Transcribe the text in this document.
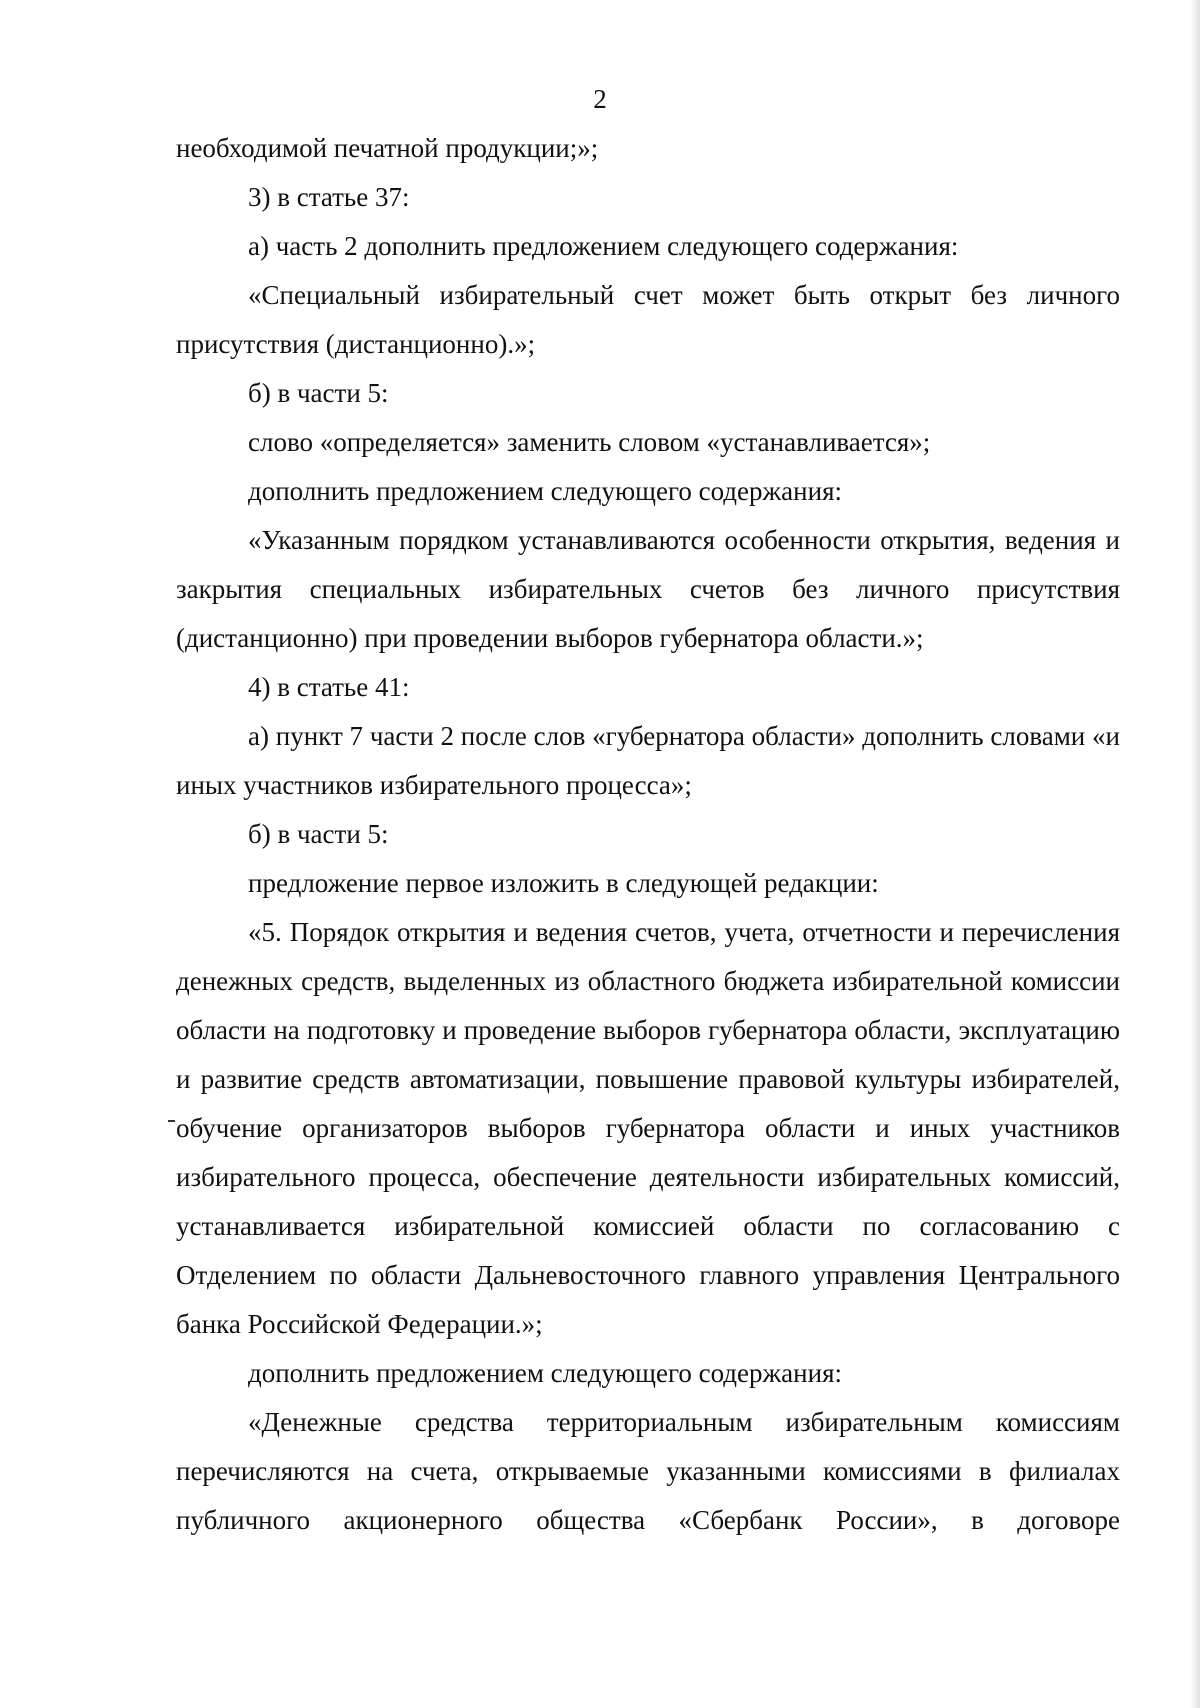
2

необходимой печатной продукции;»;

3) в статье 37:

а) часть 2 дополнить предложением следующего содержания:

«Специальный избирательный счет может быть открыт без личного присутствия (дистанционно).»;

б) в части 5:

слово «определяется» заменить словом «устанавливается»;

дополнить предложением следующего содержания:

«Указанным порядком устанавливаются особенности открытия, ведения и закрытия специальных избирательных счетов без личного присутствия (дистанционно) при проведении выборов губернатора области.»;

4) в статье 41:

а) пункт 7 части 2 после слов «губернатора области» дополнить словами «и иных участников избирательного процесса»;

б) в части 5:

предложение первое изложить в следующей редакции:

«5. Порядок открытия и ведения счетов, учета, отчетности и перечисления денежных средств, выделенных из областного бюджета избирательной комиссии области на подготовку и проведение выборов губернатора области, эксплуатацию и развитие средств автоматизации, повышение правовой культуры избирателей, обучение организаторов выборов губернатора области и иных участников избирательного процесса, обеспечение деятельности избирательных комиссий, устанавливается избирательной комиссией области по согласованию с Отделением по области Дальневосточного главного управления Центрального банка Российской Федерации.»;

дополнить предложением следующего содержания:

«Денежные средства территориальным избирательным комиссиям перечисляются на счета, открываемые указанными комиссиями в филиалах

публичного акционерного общества «Сбербанк России», в договоре
